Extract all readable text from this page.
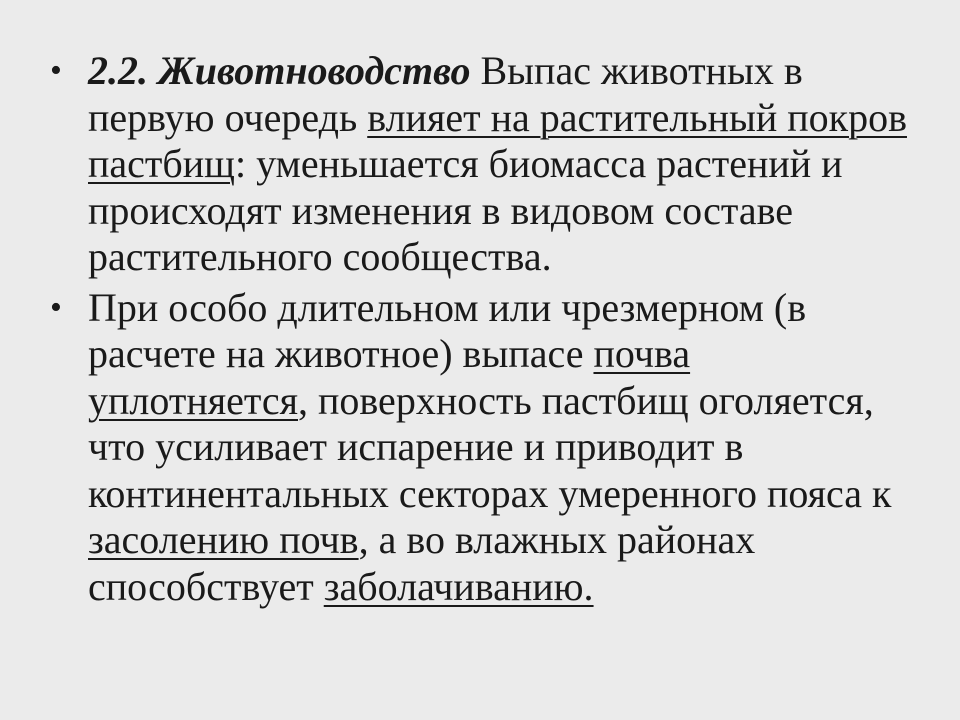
• 2.2. Животноводство Выпас животных в первую очередь влияет на растительный покров пастбищ: уменьшается биомасса растений и происходят изменения в видовом составе растительного сообщества.
• При особо длительном или чрезмерном (в расчете на животное) выпасе почва уплотняется, поверхность пастбищ оголяется, что усиливает испарение и приводит в континентальных секторах умеренного пояса к засолению почв, а во влажных районах способствует заболачиванию.
